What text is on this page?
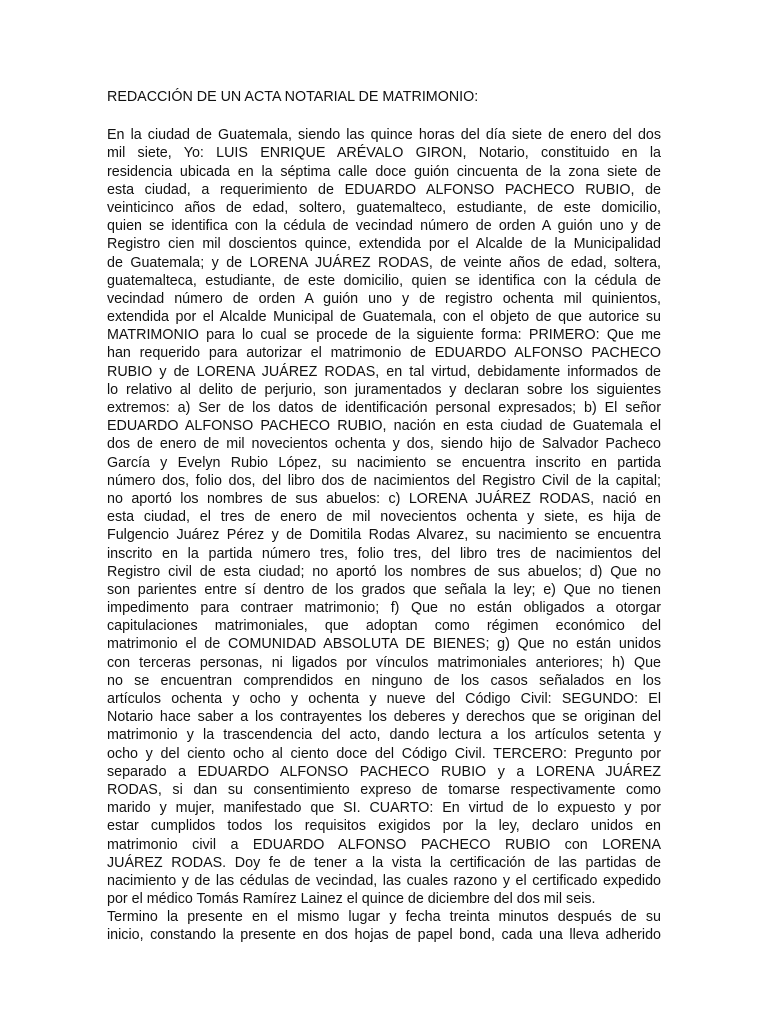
REDACCIÓN DE UN ACTA NOTARIAL DE MATRIMONIO:
En la ciudad de Guatemala, siendo las quince horas del día siete de enero del dos
mil siete, Yo: LUIS ENRIQUE ARÉVALO GIRON, Notario, constituido en la
residencia ubicada en la séptima calle doce guión cincuenta de la zona siete de
esta ciudad, a requerimiento de EDUARDO ALFONSO PACHECO RUBIO, de
veinticinco años de edad, soltero, guatemalteco, estudiante, de este domicilio,
quien se identifica con la cédula de vecindad número de orden A guión uno y de
Registro cien mil doscientos quince, extendida por el Alcalde de la Municipalidad
de Guatemala; y de LORENA JUÁREZ RODAS, de veinte años de edad, soltera,
guatemalteca, estudiante, de este domicilio, quien se identifica con la cédula de
vecindad número de orden A guión uno y de registro ochenta mil quinientos,
extendida por el Alcalde Municipal de Guatemala, con el objeto de que autorice su
MATRIMONIO para lo cual se procede de la siguiente forma: PRIMERO: Que me
han requerido para autorizar el matrimonio de EDUARDO ALFONSO PACHECO
RUBIO y de LORENA JUÁREZ RODAS, en tal virtud, debidamente informados de
lo relativo al delito de perjurio, son juramentados y declaran sobre los siguientes
extremos: a) Ser de los datos de identificación personal expresados; b) El señor
EDUARDO ALFONSO PACHECO RUBIO, nación en esta ciudad de Guatemala el
dos de enero de mil novecientos ochenta y dos, siendo hijo de Salvador Pacheco
García y Evelyn Rubio López, su nacimiento se encuentra inscrito en partida
número dos, folio dos, del libro dos de nacimientos del Registro Civil de la capital;
no aportó los nombres de sus abuelos: c) LORENA JUÁREZ RODAS, nació en
esta ciudad, el tres de enero de mil novecientos ochenta y siete, es hija de
Fulgencio Juárez Pérez y de Domitila Rodas Alvarez, su nacimiento se encuentra
inscrito en la partida número tres, folio tres, del libro tres de nacimientos del
Registro civil de esta ciudad; no aportó los nombres de sus abuelos; d) Que no
son parientes entre sí dentro de los grados que señala la ley; e) Que no tienen
impedimento para contraer matrimonio; f) Que no están obligados a otorgar
capitulaciones matrimoniales, que adoptan como régimen económico del
matrimonio el de COMUNIDAD ABSOLUTA DE BIENES; g) Que no están unidos
con terceras personas, ni ligados por vínculos matrimoniales anteriores; h) Que
no se encuentran comprendidos en ninguno de los casos señalados en los
artículos ochenta y ocho y ochenta y nueve del Código Civil: SEGUNDO: El
Notario hace saber a los contrayentes los deberes y derechos que se originan del
matrimonio y la trascendencia del acto, dando lectura a los artículos setenta y
ocho y del ciento ocho al ciento doce del Código Civil. TERCERO: Pregunto por
separado a EDUARDO ALFONSO PACHECO RUBIO y a LORENA JUÁREZ
RODAS, si dan su consentimiento expreso de tomarse respectivamente como
marido y mujer, manifestado que SI. CUARTO: En virtud de lo expuesto y por
estar cumplidos todos los requisitos exigidos por la ley, declaro unidos en
matrimonio civil a EDUARDO ALFONSO PACHECO RUBIO con LORENA
JUÁREZ RODAS. Doy fe de tener a la vista la certificación de las partidas de
nacimiento y de las cédulas de vecindad, las cuales razono y el certificado expedido
por el médico Tomás Ramírez Lainez el quince de diciembre del dos mil seis.
Termino la presente en el mismo lugar y fecha treinta minutos después de su
inicio, constando la presente en dos hojas de papel bond, cada una lleva adherido
